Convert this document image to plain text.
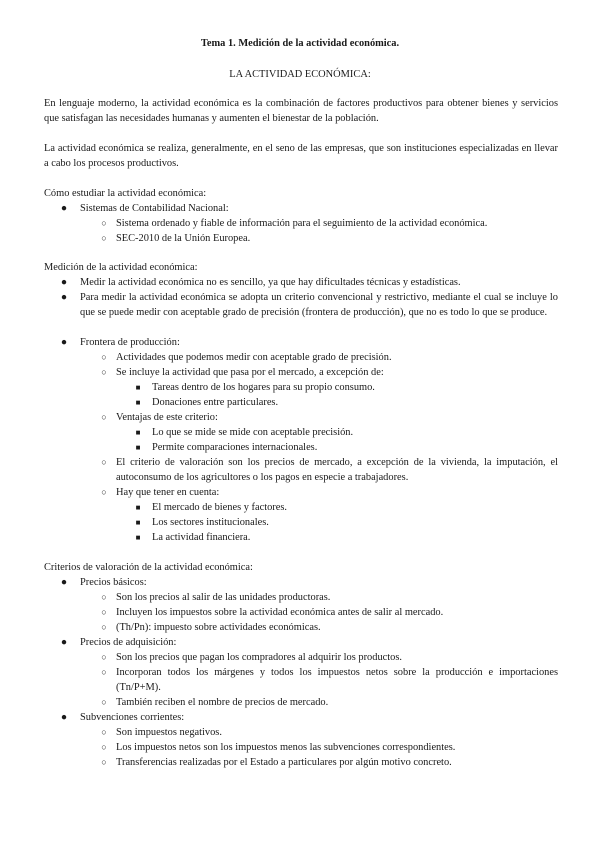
Tema 1. Medición de la actividad económica.
LA ACTIVIDAD ECONÓMICA:
En lenguaje moderno, la actividad económica es la combinación de factores productivos para obtener bienes y servicios que satisfagan las necesidades humanas y aumenten el bienestar de la población.
La actividad económica se realiza, generalmente, en el seno de las empresas, que son instituciones especializadas en llevar a cabo los procesos productivos.
Cómo estudiar la actividad económica:
● Sistemas de Contabilidad Nacional:
○ Sistema ordenado y fiable de información para el seguimiento de la actividad económica.
○ SEC-2010 de la Unión Europea.
Medición de la actividad económica:
● Medir la actividad económica no es sencillo, ya que hay dificultades técnicas y estadísticas.
● Para medir la actividad económica se adopta un criterio convencional y restrictivo, mediante el cual se incluye lo que se puede medir con aceptable grado de precisión (frontera de producción), que no es todo lo que se produce.
● Frontera de producción:
○ Actividades que podemos medir con aceptable grado de precisión.
○ Se incluye la actividad que pasa por el mercado, a excepción de:
■ Tareas dentro de los hogares para su propio consumo.
■ Donaciones entre particulares.
○ Ventajas de este criterio:
■ Lo que se mide se mide con aceptable precisión.
■ Permite comparaciones internacionales.
○ El criterio de valoración son los precios de mercado, a excepción de la vivienda, la imputación, el autoconsumo de los agricultores o los pagos en especie a trabajadores.
○ Hay que tener en cuenta:
■ El mercado de bienes y factores.
■ Los sectores institucionales.
■ La actividad financiera.
Criterios de valoración de la actividad económica:
● Precios básicos:
○ Son los precios al salir de las unidades productoras.
○ Incluyen los impuestos sobre la actividad económica antes de salir al mercado.
○ (Th/Pn): impuesto sobre actividades económicas.
● Precios de adquisición:
○ Son los precios que pagan los compradores al adquirir los productos.
○ Incorporan todos los márgenes y todos los impuestos netos sobre la producción e importaciones (Tn/P+M).
○ También reciben el nombre de precios de mercado.
● Subvenciones corrientes:
○ Son impuestos negativos.
○ Los impuestos netos son los impuestos menos las subvenciones correspondientes.
○ Transferencias realizadas por el Estado a particulares por algún motivo concreto.
